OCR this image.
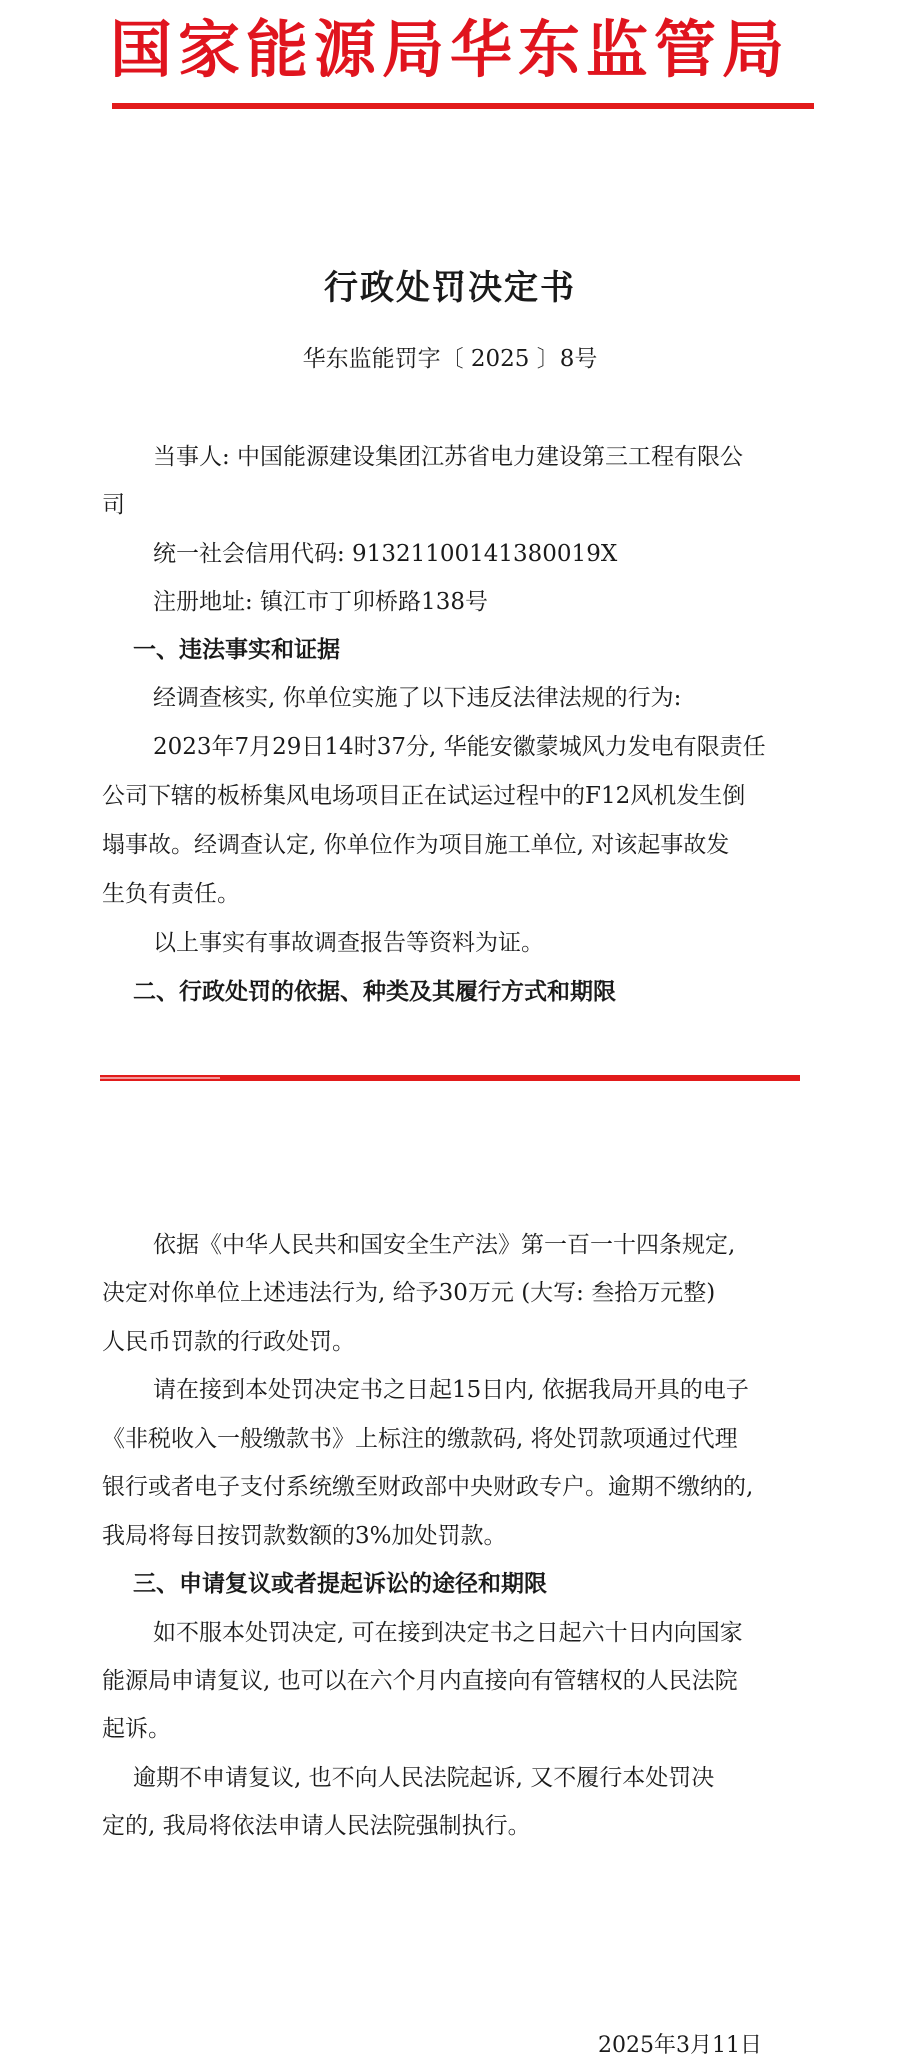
国家能源局华东监管局
行政处罚决定书
华东监能罚字〔 2025 〕8号
当事人: 中国能源建设集团江苏省电力建设第三工程有限公
司
统一社会信用代码: 91321100141380019X
注册地址: 镇江市丁卯桥路138号
一、违法事实和证据
经调查核实, 你单位实施了以下违反法律法规的行为:
2023年7月29日14时37分, 华能安徽蒙城风力发电有限责任
公司下辖的板桥集风电场项目正在试运过程中的F12风机发生倒
塌事故。经调查认定, 你单位作为项目施工单位, 对该起事故发
生负有责任。
以上事实有事故调查报告等资料为证。
二、行政处罚的依据、种类及其履行方式和期限
依据《中华人民共和国安全生产法》第一百一十四条规定,
决定对你单位上述违法行为, 给予30万元 (大写: 叁拾万元整)
人民币罚款的行政处罚。
请在接到本处罚决定书之日起15日内, 依据我局开具的电子
《非税收入一般缴款书》上标注的缴款码, 将处罚款项通过代理
银行或者电子支付系统缴至财政部中央财政专户。逾期不缴纳的,
我局将每日按罚款数额的3%加处罚款。
三、申请复议或者提起诉讼的途径和期限
如不服本处罚决定, 可在接到决定书之日起六十日内向国家
能源局申请复议, 也可以在六个月内直接向有管辖权的人民法院
起诉。
逾期不申请复议, 也不向人民法院起诉, 又不履行本处罚决
定的, 我局将依法申请人民法院强制执行。
2025年3月11日
